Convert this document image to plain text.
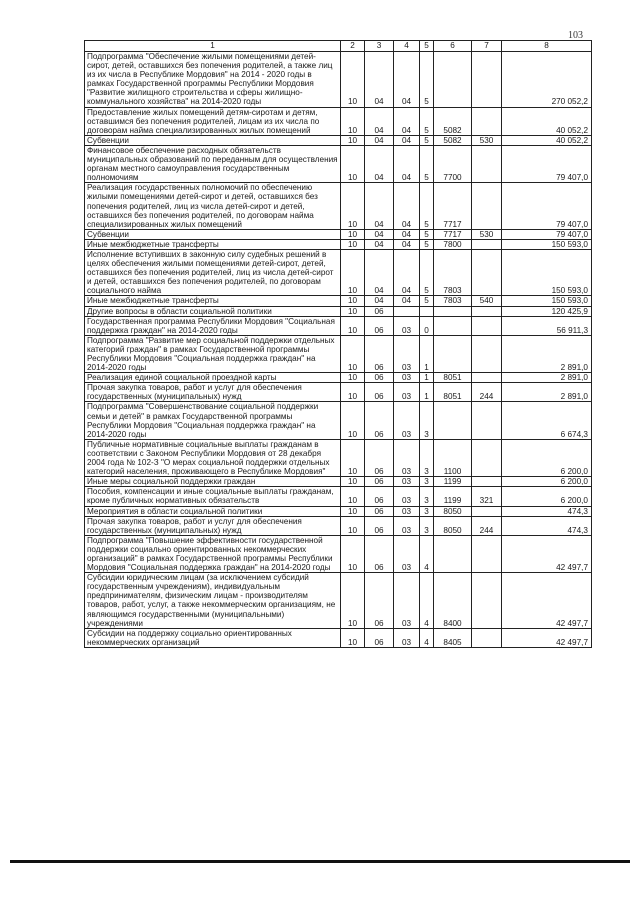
103
1	2	3	4	5	6	7	8
Подпрограмма "Обеспечение жилыми помещениями детей-сирот, детей, оставшихся без попечения родителей, а также лиц из их числа в Республике Мордовия" на 2014 - 2020 годы в рамках Государственной программы Республики Мордовия "Развитие жилищного строительства и сферы жилищно-коммунального хозяйства" на 2014-2020 годы	10	04	04	5			270 052,2
Предоставление жилых помещений детям-сиротам и детям, оставшимся без попечения родителей, лицам из их числа по договорам найма специализированных жилых помещений	10	04	04	5	5082		40 052,2
Субвенции	10	04	04	5	5082	530	40 052,2
Финансовое обеспечение расходных обязательств муниципальных образований по переданным для осуществления органам местного самоуправления государственным полномочиям	10	04	04	5	7700		79 407,0
Реализация государственных полномочий по обеспечению жилыми помещениями детей-сирот и детей, оставшихся без попечения родителей, лиц из числа детей-сирот и детей, оставшихся без попечения родителей, по договорам найма специализированных жилых помещений	10	04	04	5	7717		79 407,0
Субвенции	10	04	04	5	7717	530	79 407,0
Иные межбюджетные трансферты	10	04	04	5	7800		150 593,0
Исполнение вступивших в законную силу судебных решений в целях обеспечения жилыми помещениями детей-сирот, детей, оставшихся без попечения родителей, лиц из числа детей-сирот и детей, оставшихся без попечения родителей, по договорам социального найма	10	04	04	5	7803		150 593,0
Иные межбюджетные трансферты	10	04	04	5	7803	540	150 593,0
Другие вопросы в области социальной политики	10	06					120 425,9
Государственная программа Республики Мордовия "Социальная поддержка граждан" на 2014-2020 годы	10	06	03	0			56 911,3
Подпрограмма "Развитие мер социальной поддержки отдельных категорий граждан" в рамках Государственной программы Республики Мордовия "Социальная поддержка граждан" на 2014-2020 годы	10	06	03	1			2 891,0
Реализация единой социальной проездной карты	10	06	03	1	8051		2 891,0
Прочая закупка товаров, работ и услуг для обеспечения государственных (муниципальных) нужд	10	06	03	1	8051	244	2 891,0
Подпрограмма "Совершенствование социальной поддержки семьи и детей" в рамках Государственной программы Республики Мордовия "Социальная поддержка граждан" на 2014-2020 годы	10	06	03	3			6 674,3
Публичные нормативные социальные выплаты гражданам в соответствии с Законом Республики Мордовия от 28 декабря 2004 года № 102-З "О мерах социальной поддержки отдельных категорий населения, проживающего в Республике Мордовия"	10	06	03	3	1100		6 200,0
Иные меры социальной поддержки граждан	10	06	03	3	1199		6 200,0
Пособия, компенсации и иные социальные выплаты гражданам, кроме публичных нормативных обязательств	10	06	03	3	1199	321	6 200,0
Мероприятия в области социальной политики	10	06	03	3	8050		474,3
Прочая закупка товаров, работ и услуг для обеспечения государственных (муниципальных) нужд	10	06	03	3	8050	244	474,3
Подпрограмма "Повышение эффективности государственной поддержки социально ориентированных некоммерческих организаций" в рамках Государственной программы Республики Мордовия "Социальная поддержка граждан" на 2014-2020 годы	10	06	03	4			42 497,7
Субсидии юридическим лицам (за исключением субсидий государственным учреждениям), индивидуальным предпринимателям, физическим лицам - производителям товаров, работ, услуг, а также некоммерческим организациям, не являющимся государственными (муниципальными) учреждениями	10	06	03	4	8400		42 497,7
Субсидии на поддержку социально ориентированных некоммерческих организаций	10	06	03	4	8405		42 497,7
